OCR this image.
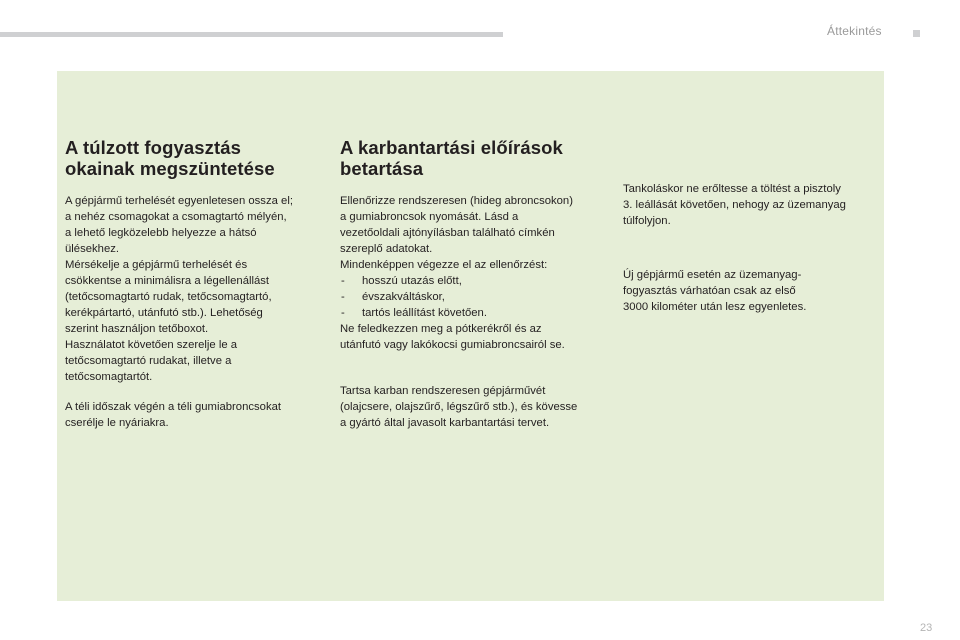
Áttekintés
A túlzott fogyasztás
okainak megszüntetése

A gépjármű terhelését egyenletesen ossza el;
a nehéz csomagokat a csomagtartó mélyén,
a lehető legközelebb helyezze a hátsó
ülésekhez.
Mérsékelje a gépjármű terhelését és
csökkentse a minimálisra a légellenállást
(tetőcsomagtartó rudak, tetőcsomagtartó,
kerékpártartó, utánfutó stb.). Lehetőség
szerint használjon tetőboxot.
Használatot követően szerelje le a
tetőcsomagtartó rudakat, illetve a
tetőcsomagtartót.

A téli időszak végén a téli gumiabroncsokat
cserélje le nyáriakra.

A karbantartási előírások
betartása

Ellenőrizze rendszeresen (hideg abroncsokon)
a gumiabroncsok nyomását. Lásd a
vezetőoldali ajtónyílásban található címkén
szereplő adatokat.
Mindenképpen végezze el az ellenőrzést:

- hosszú utazás előtt,
- évszakváltáskor,
- tartós leállítást követően.

Ne feledkezzen meg a pótkerékről és az
utánfutó vagy lakókocsi gumiabroncsairól se.

Tartsa karban rendszeresen gépjárművét
(olajcsere, olajszűrő, légszűrő stb.), és kövesse
a gyártó által javasolt karbantartási tervet.

Tankoláskor ne erőltesse a töltést a pisztoly
3. leállását követően, nehogy az üzemanyag
túlfolyjon.

Új gépjármű esetén az üzemanyag-
fogyasztás várhatóan csak az első
3000 kilométer után lesz egyenletes.

23
